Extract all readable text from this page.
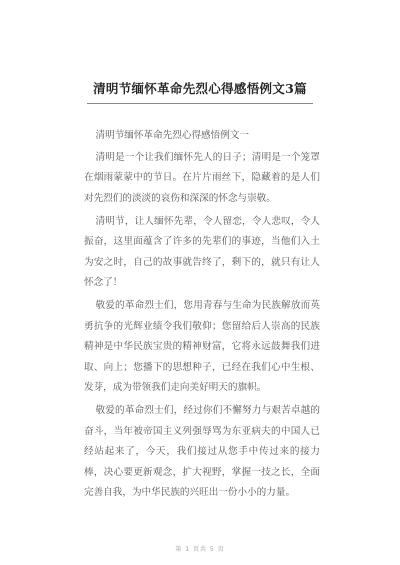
清明节缅怀革命先烈心得感悟例文3篇

清明节缅怀革命先烈心得感悟例文一

清明是一个让我们缅怀先人的日子；清明是一个笼罩在烟雨蒙蒙中的节日。在片片雨丝下，隐藏着的是人们对先烈们的淡淡的哀伤和深深的怀念与崇敬。

清明节，让人缅怀先辈，令人留恋，令人悲叹，令人振奋，这里面蕴含了许多的先辈们的事迹，当他们入土为安之时，自己的故事就告终了，剩下的，就只有让人怀念了！

敬爱的革命烈士们，您用青春与生命为民族解放而英勇抗争的光辉业绩令我们敬仰；您留给后人崇高的民族精神是中华民族宝贵的精神财富，它将永远鼓舞我们进取、向上；您播下的思想种子，已经在我们心中生根、发芽，成为带领我们走向美好明天的旗帜。

敬爱的革命烈士们，经过你们不懈努力与艰苦卓越的奋斗，当年被帝国主义列强辱骂为东亚病夫的中国人已经站起来了，今天，我们接过从您手中传过来的接力棒，决心要更新观念，扩大视野，掌握一技之长，全面完善自我，为中华民族的兴旺出一份小小的力量。

第 1 页共 5 页
